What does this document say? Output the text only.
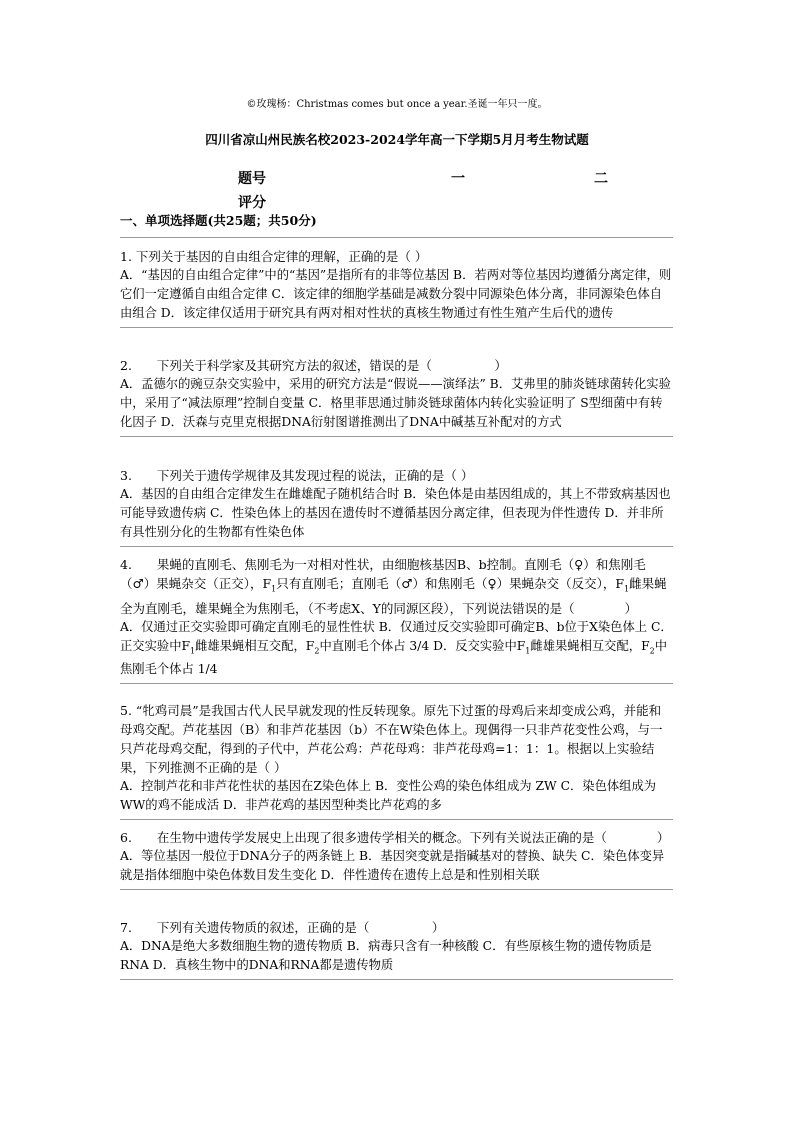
©玫瑰杨：Christmas comes but once a year.圣诞一年只一度。
四川省凉山州民族名校2023-2024学年高一下学期5月月考生物试题
题号	一	二
评分
一、单项选择题(共25题；共50分)

1. 下列关于基因的自由组合定律的理解，正确的是（ ）

A．“基因的自由组合定律”中的“基因”是指所有的非等位基因 B．若两对等位基因均遵循分离定律，则它们一定遵循自由组合定律 C．该定律的细胞学基础是减数分裂中同源染色体分离，非同源染色体自由组合 D．该定律仅适用于研究具有两对相对性状的真核生物通过有性生殖产生后代的遗传

2.　　下列关于科学家及其研究方法的叙述，错误的是（　　　　　）

A．孟德尔的豌豆杂交实验中，采用的研究方法是“假说——演绎法” B．艾弗里的肺炎链球菌转化实验中，采用了“减法原理”控制自变量 C．格里菲思通过肺炎链球菌体内转化实验证明了 S型细菌中有转化因子 D．沃森与克里克根据DNA衍射图谱推测出了DNA中碱基互补配对的方式

3.　　下列关于遗传学规律及其发现过程的说法，正确的是（ ）

A．基因的自由组合定律发生在雌雄配子随机结合时 B．染色体是由基因组成的，其上不带致病基因也可能导致遗传病 C．性染色体上的基因在遗传时不遵循基因分离定律，但表现为伴性遗传 D．并非所有具性别分化的生物都有性染色体

4.　　果蝇的直刚毛、焦刚毛为一对相对性状，由细胞核基因B、b控制。直刚毛（♀）和焦刚毛（♂）果蝇杂交（正交），$F_1$只有直刚毛；直刚毛（♂）和焦刚毛（♀）果蝇杂交（反交），$F_1$雌果蝇全为直刚毛，雄果蝇全为焦刚毛，（不考虑X、Y的同源区段），下列说法错误的是（　　　　）

A．仅通过正交实验即可确定直刚毛的显性性状 B．仅通过反交实验即可确定B、b位于X染色体上 C．正交实验中$F_1$雌雄果蝇相互交配，$F_2$中直刚毛个体占 3/4 D．反交实验中$F_1$雌雄果蝇相互交配，$F_2$中焦刚毛个体占 1/4

5. “牝鸡司晨”是我国古代人民早就发现的性反转现象。原先下过蛋的母鸡后来却变成公鸡，并能和母鸡交配。芦花基因（B）和非芦花基因（b）不在W染色体上。现偶得一只非芦花变性公鸡，与一只芦花母鸡交配，得到的子代中，芦花公鸡：芦花母鸡：非芦花母鸡=1：1：1。根据以上实验结果，下列推测不正确的是（ ）

A．控制芦花和非芦花性状的基因在Z染色体上 B．变性公鸡的染色体组成为 ZW C．染色体组成为 WW的鸡不能成活 D．非芦花鸡的基因型种类比芦花鸡的多

6.　　在生物中遗传学发展史上出现了很多遗传学相关的概念。下列有关说法正确的是（　　　　）

A．等位基因一般位于DNA分子的两条链上 B．基因突变就是指碱基对的替换、缺失 C．染色体变异就是指体细胞中染色体数目发生变化 D．伴性遗传在遗传上总是和性别相关联

7.　　下列有关遗传物质的叙述，正确的是（　　　　　）

A．DNA是绝大多数细胞生物的遗传物质 B．病毒只含有一种核酸 C．有些原核生物的遗传物质是 RNA D．真核生物中的DNA和RNA都是遗传物质
